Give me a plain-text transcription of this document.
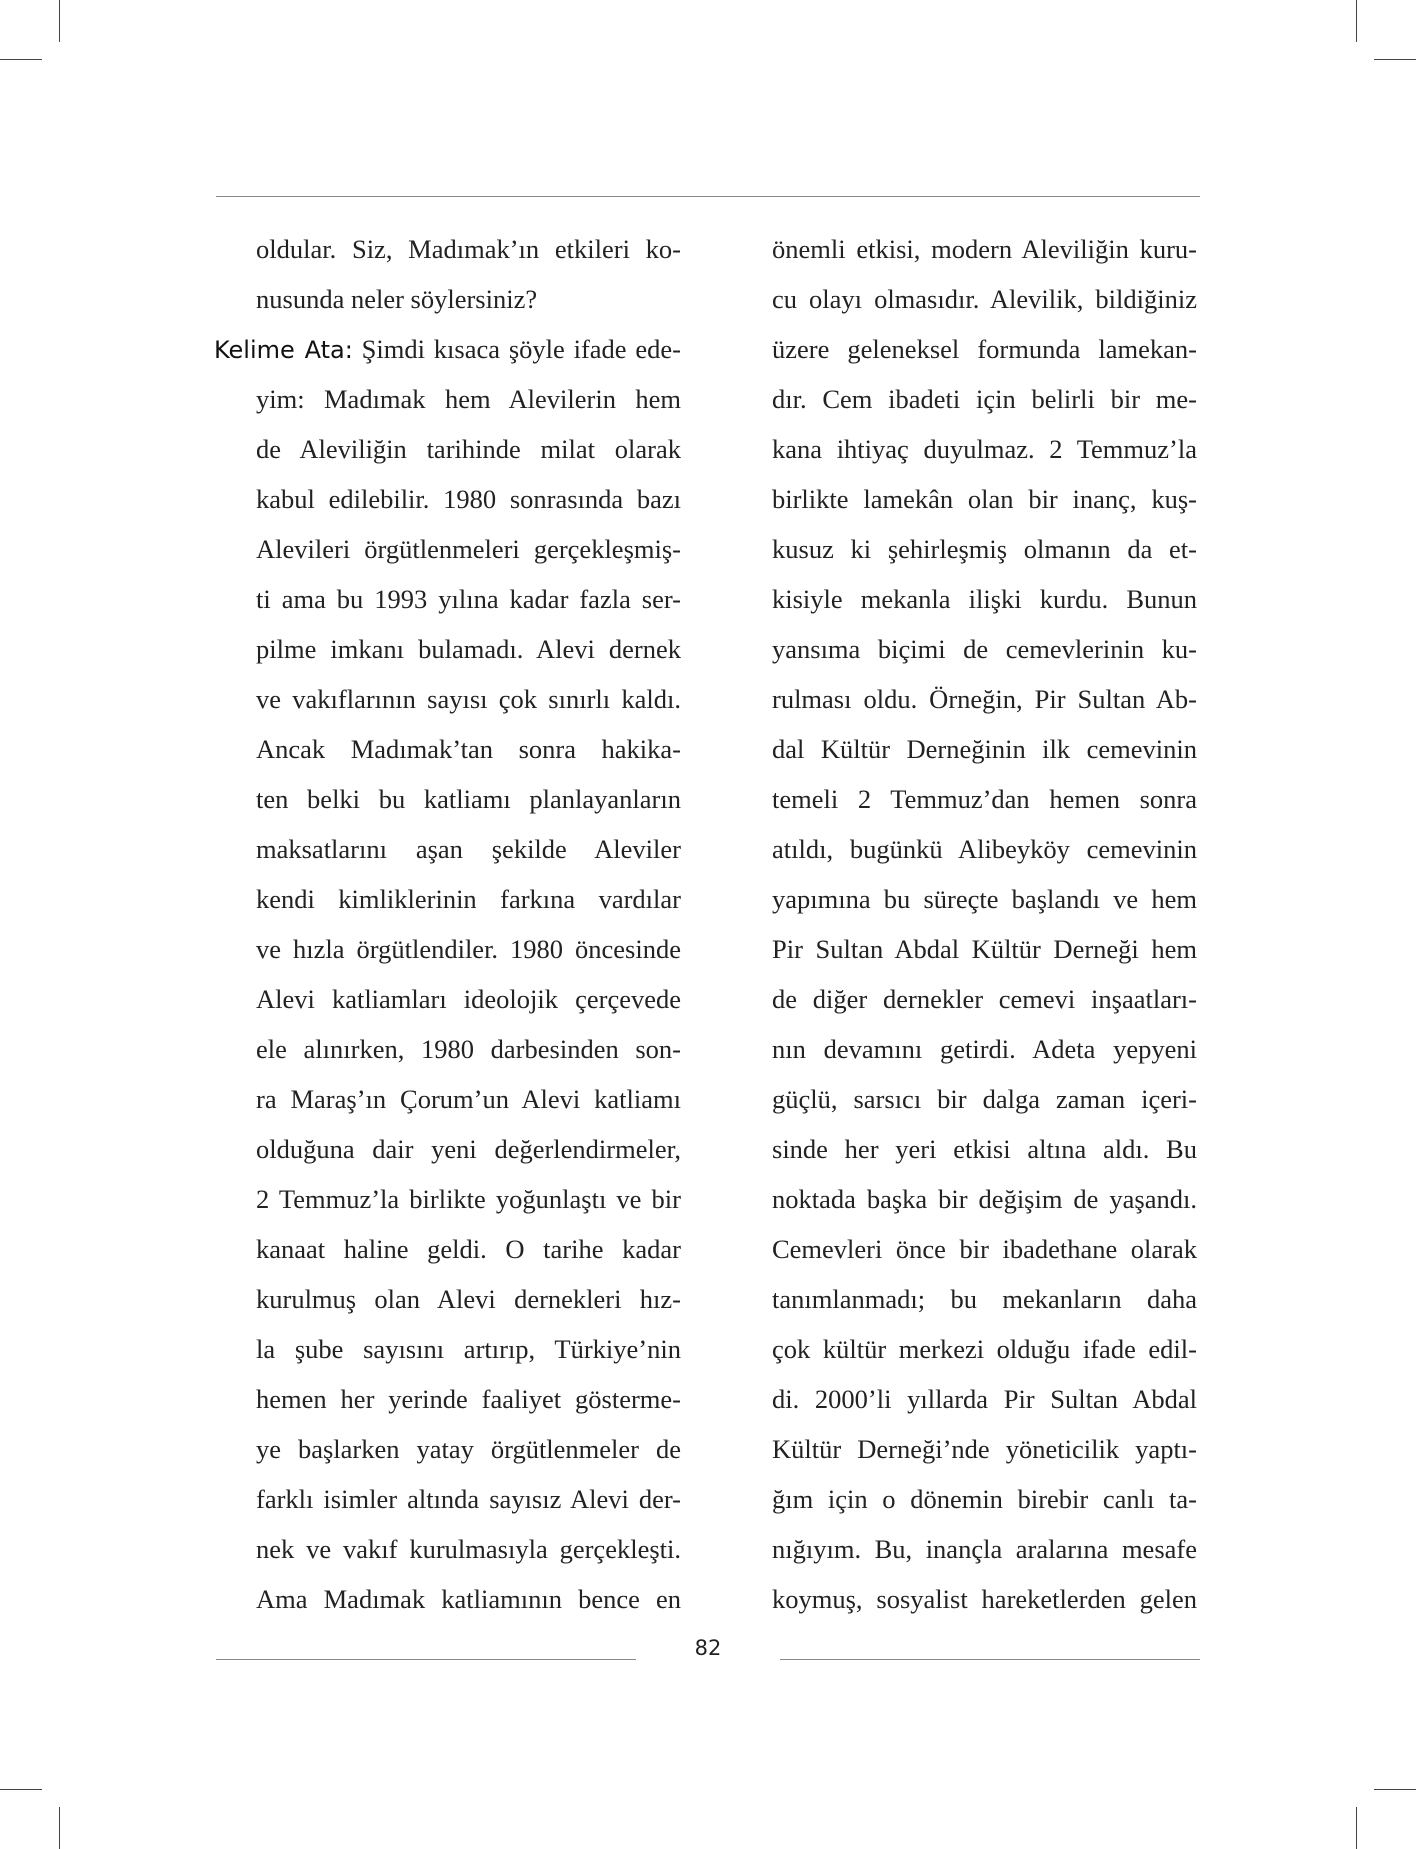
oldular. Siz, Madımak’ın etkileri ko-
nusunda neler söylersiniz?
Kelime Ata: Şimdi kısaca şöyle ifade ede-
yim: Madımak hem Alevilerin hem
de Aleviliğin tarihinde milat olarak
kabul edilebilir. 1980 sonrasında bazı
Alevileri örgütlenmeleri gerçekleşmiş-
ti ama bu 1993 yılına kadar fazla ser-
pilme imkanı bulamadı. Alevi dernek
ve vakıflarının sayısı çok sınırlı kaldı.
Ancak Madımak’tan sonra hakika-
ten belki bu katliamı planlayanların
maksatlarını aşan şekilde Aleviler
kendi kimliklerinin farkına vardılar
ve hızla örgütlendiler. 1980 öncesinde
Alevi katliamları ideolojik çerçevede
ele alınırken, 1980 darbesinden son-
ra Maraş’ın Çorum’un Alevi katliamı
olduğuna dair yeni değerlendirmeler,
2 Temmuz’la birlikte yoğunlaştı ve bir
kanaat haline geldi. O tarihe kadar
kurulmuş olan Alevi dernekleri hız-
la şube sayısını artırıp, Türkiye’nin
hemen her yerinde faaliyet gösterme-
ye başlarken yatay örgütlenmeler de
farklı isimler altında sayısız Alevi der-
nek ve vakıf kurulmasıyla gerçekleşti.
Ama Madımak katliamının bence en
önemli etkisi, modern Aleviliğin kuru-
cu olayı olmasıdır. Alevilik, bildiğiniz
üzere geleneksel formunda lamekan-
dır. Cem ibadeti için belirli bir me-
kana ihtiyaç duyulmaz. 2 Temmuz’la
birlikte lamekân olan bir inanç, kuş-
kusuz ki şehirleşmiş olmanın da et-
kisiyle mekanla ilişki kurdu. Bunun
yansıma biçimi de cemevlerinin ku-
rulması oldu. Örneğin, Pir Sultan Ab-
dal Kültür Derneğinin ilk cemevinin
temeli 2 Temmuz’dan hemen sonra
atıldı, bugünkü Alibeyköy cemevinin
yapımına bu süreçte başlandı ve hem
Pir Sultan Abdal Kültür Derneği hem
de diğer dernekler cemevi inşaatları-
nın devamını getirdi. Adeta yepyeni
güçlü, sarsıcı bir dalga zaman içeri-
sinde her yeri etkisi altına aldı. Bu
noktada başka bir değişim de yaşandı.
Cemevleri önce bir ibadethane olarak
tanımlanmadı; bu mekanların daha
çok kültür merkezi olduğu ifade edil-
di. 2000’li yıllarda Pir Sultan Abdal
Kültür Derneği’nde yöneticilik yaptı-
ğım için o dönemin birebir canlı ta-
nığıyım. Bu, inançla aralarına mesafe
koymuş, sosyalist hareketlerden gelen
82
